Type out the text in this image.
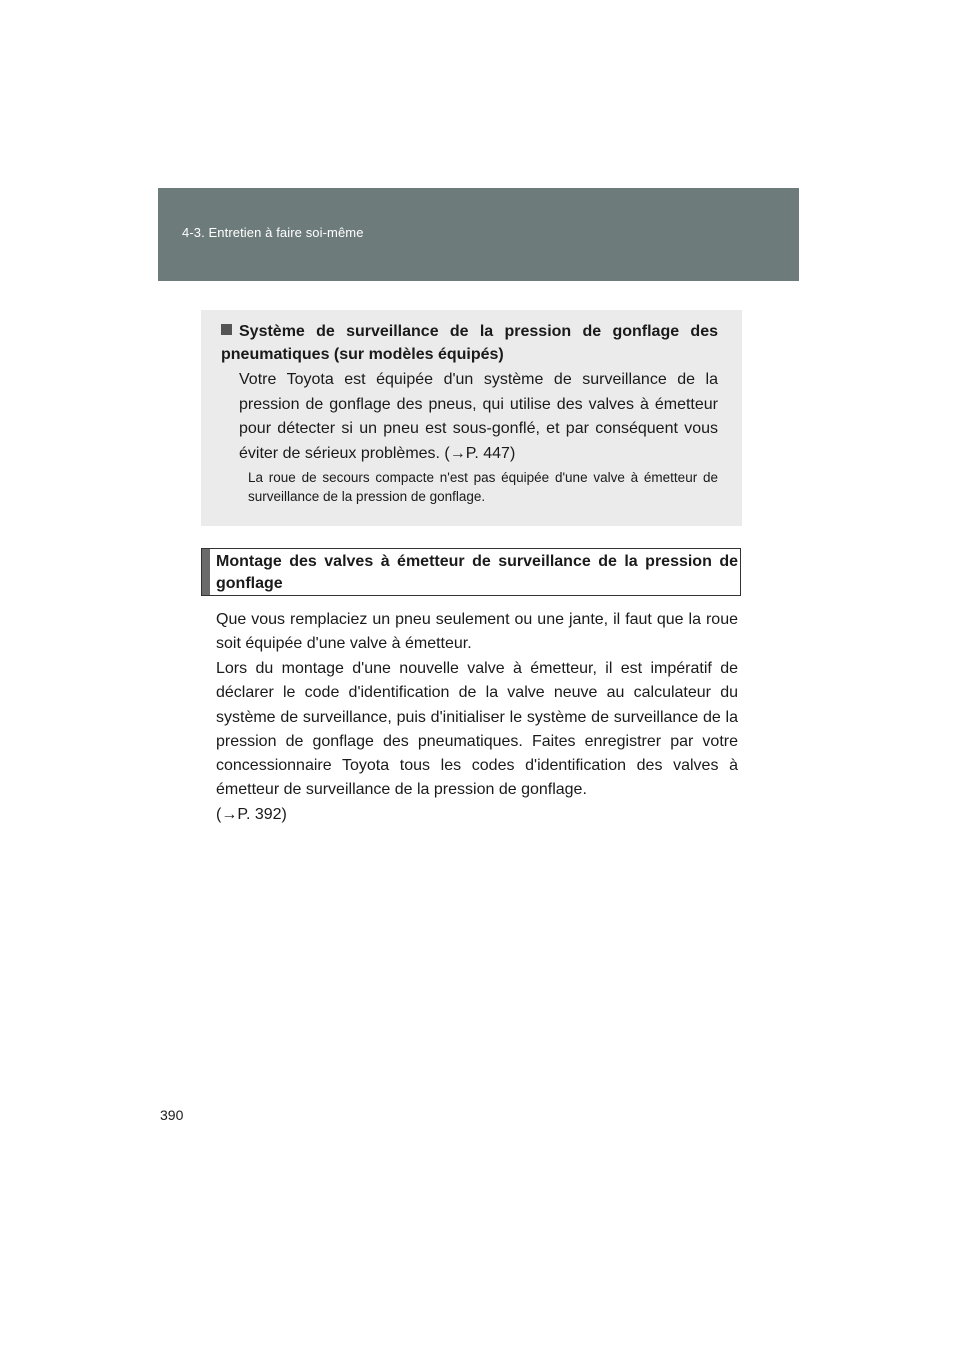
4-3. Entretien à faire soi-même
Système de surveillance de la pression de gonflage des pneumatiques (sur modèles équipés)

Votre Toyota est équipée d'un système de surveillance de la pression de gonflage des pneus, qui utilise des valves à émetteur pour détecter si un pneu est sous-gonflé, et par conséquent vous éviter de sérieux problèmes. (→P. 447)

La roue de secours compacte n'est pas équipée d'une valve à émetteur de surveillance de la pression de gonflage.

Montage des valves à émetteur de surveillance de la pression de gonflage

Que vous remplaciez un pneu seulement ou une jante, il faut que la roue soit équipée d'une valve à émetteur.

Lors du montage d'une nouvelle valve à émetteur, il est impératif de déclarer le code d'identification de la valve neuve au calculateur du système de surveillance, puis d'initialiser le système de surveillance de la pression de gonflage des pneumatiques. Faites enregistrer par votre concessionnaire Toyota tous les codes d'identification des valves à émetteur de surveillance de la pression de gonflage.
(→P. 392)

390
